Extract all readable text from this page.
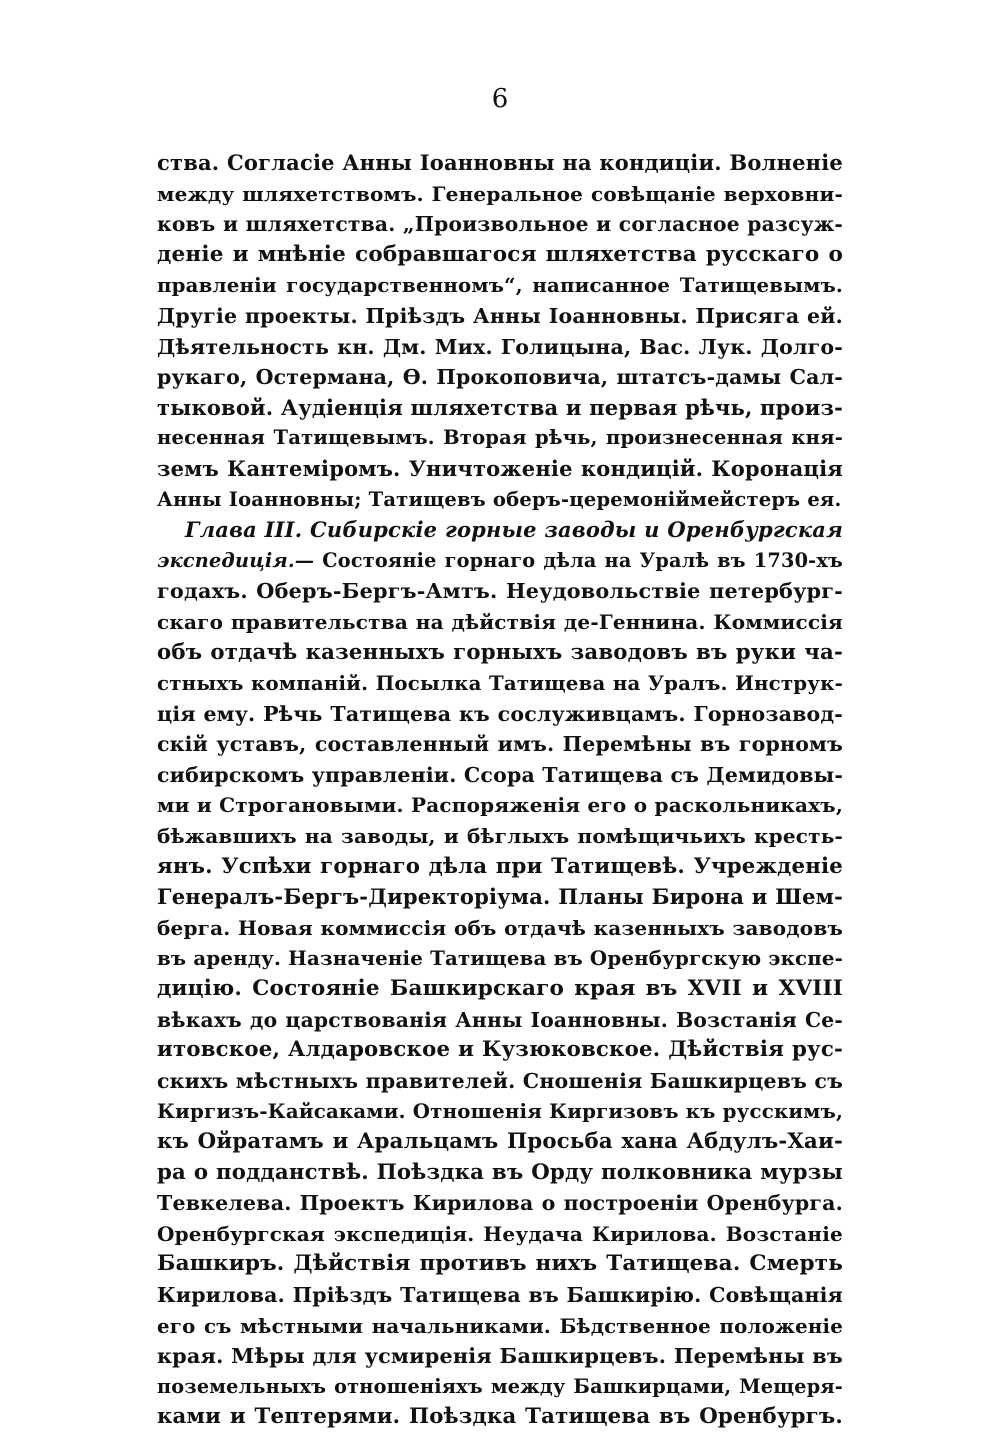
6
ства. Согласіе Анны Іоанновны на кондиціи. Волненіе
между шляхетствомъ. Генеральное совѣщаніе верховни-
ковъ и шляхетства. „Произвольное и согласное разсуж-
деніе и мнѣніе собравшагося шляхетства русскаго о
правленіи государственномъ“, написанное Татищевымъ.
Другіе проекты. Пріѣздъ Анны Іоанновны. Присяга ей.
Дѣятельность кн. Дм. Мих. Голицына, Вас. Лук. Долго-
рукаго, Остермана, Ѳ. Прокоповича, штатсъ-дамы Сал-
тыковой. Аудіенція шляхетства и первая рѣчь, произ-
несенная Татищевымъ. Вторая рѣчь, произнесенная кня-
земъ Кантеміромъ. Уничтоженіе кондицій. Коронація
Анны Іоанновны; Татищевъ оберъ-церемоніймейстеръ ея.
Глава III. Сибирскіе горные заводы и Оренбургская
экспедиція.— Состояніе горнаго дѣла на Уралѣ въ 1730-хъ
годахъ. Оберъ-Бергъ-Амтъ. Неудовольствіе петербург-
скаго правительства на дѣйствія де-Геннина. Коммиссія
объ отдачѣ казенныхъ горныхъ заводовъ въ руки ча-
стныхъ компаній. Посылка Татищева на Уралъ. Инструк-
ція ему. Рѣчь Татищева къ сослуживцамъ. Горнозавод-
скій уставъ, составленный имъ. Перемѣны въ горномъ
сибирскомъ управленіи. Ссора Татищева съ Демидовы-
ми и Строгановыми. Распоряженія его о раскольникахъ,
бѣжавшихъ на заводы, и бѣглыхъ помѣщичьихъ кресть-
янъ. Успѣхи горнаго дѣла при Татищевѣ. Учрежденіе
Генералъ-Бергъ-Директоріума. Планы Бирона и Шем-
берга. Новая коммиссія объ отдачѣ казенныхъ заводовъ
въ аренду. Назначеніе Татищева въ Оренбургскую экспе-
дицію. Состояніе Башкирскаго края въ XVII и XVIII
вѣкахъ до царствованія Анны Іоанновны. Возстанія Се-
итовское, Алдаровское и Кузюковское. Дѣйствія рус-
скихъ мѣстныхъ правителей. Сношенія Башкирцевъ съ
Киргизъ-Кайсаками. Отношенія Киргизовъ къ русскимъ,
къ Ойратамъ и Аральцамъ Просьба хана Абдулъ-Хаи-
ра о подданствѣ. Поѣздка въ Орду полковника мурзы
Тевкелева. Проектъ Кирилова о построеніи Оренбурга.
Оренбургская экспедиція. Неудача Кирилова. Возстаніе
Башкиръ. Дѣйствія противъ нихъ Татищева. Смерть
Кирилова. Пріѣздъ Татищева въ Башкирію. Совѣщанія
его съ мѣстными начальниками. Бѣдственное положеніе
края. Мѣры для усмиренія Башкирцевъ. Перемѣны въ
поземельныхъ отношеніяхъ между Башкирцами, Мещеря-
ками и Тептерями. Поѣздка Татищева въ Оренбургъ.
